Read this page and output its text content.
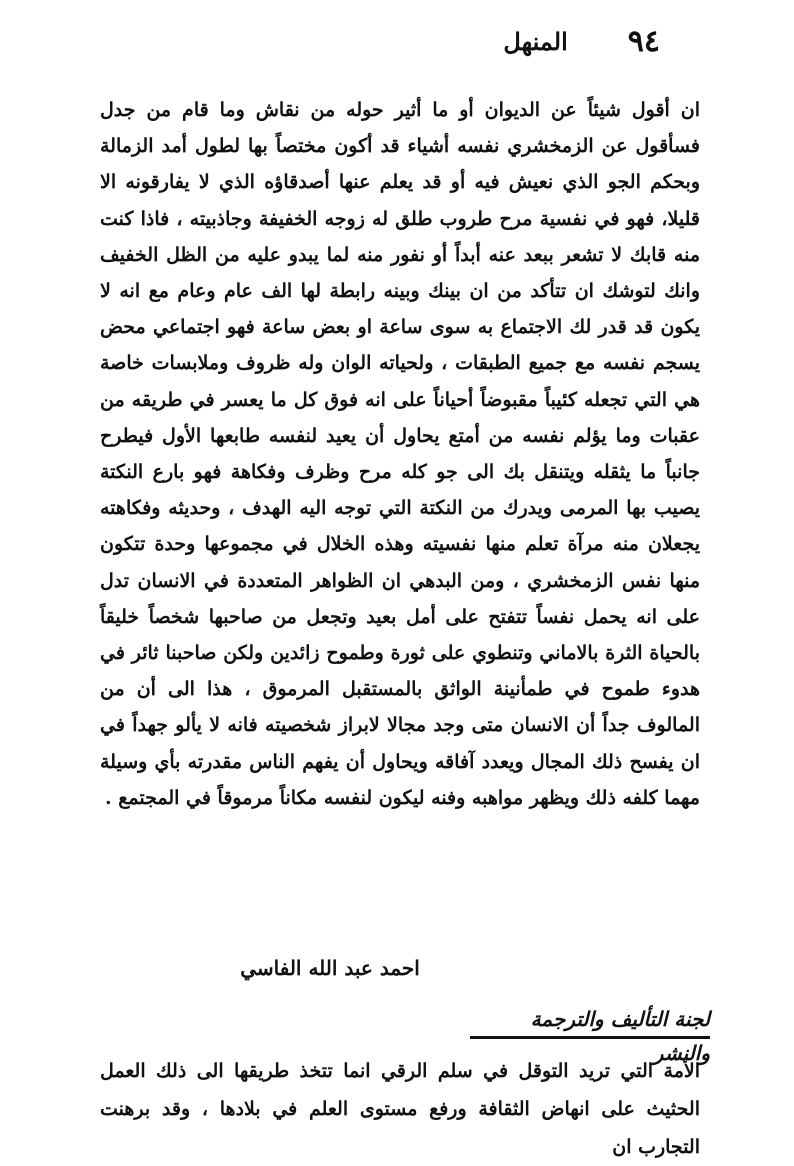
٩٤
المنهل

ان أقول شيئاً عن الديوان أو ما أثير حوله من نقاش وما قام من جدل فسأقول عن الزمخشري نفسه أشياء قد أكون مختصاً بها لطول أمد الزمالة وبحكم الجو الذي نعيش فيه أو قد يعلم عنها أصدقاؤه الذي لا يفارقونه الا قليلا، فهو في نفسية مرح طروب طلق له زوجه الخفيفة وجاذبيته ، فاذا كنت منه قابك لا تشعر ببعد عنه أبداً أو نفور منه لما يبدو عليه من الظل الخفيف وانك لتوشك ان تتأكد من ان بينك وبينه رابطة لها الف عام وعام مع انه لا يكون قد قدر لك الاجتماع به سوى ساعة او بعض ساعة فهو اجتماعي محض يسجم نفسه مع جميع الطبقات ، ولحياته الوان وله ظروف وملابسات خاصة هي التي تجعله كئيباً مقبوضاً أحياناً على انه فوق كل ما يعسر في طريقه من عقبات وما يؤلم نفسه من أمتع يحاول أن يعيد لنفسه طابعها الأول فيطرح جانباً ما يثقله ويتنقل بك الى جو كله مرح وظرف وفكاهة فهو بارع النكتة يصيب بها المرمى ويدرك من النكتة التي توجه اليه الهدف ، وحديثه وفكاهته يجعلان منه مرآة تعلم منها نفسيته وهذه الخلال في مجموعها وحدة تتكون منها نفس الزمخشري ، ومن البدهي ان الظواهر المتعددة في الانسان تدل على انه يحمل نفساً تتفتح على أمل بعيد وتجعل من صاحبها شخصاً خليقاً بالحياة الثرة بالاماني وتنطوي على ثورة وطموح زائدين ولكن صاحبنا ثائر في هدوء طموح في طمأنينة الواثق بالمستقبل المرموق ، هذا الى أن من المالوف جداً أن الانسان متى وجد مجالا لابراز شخصيته فانه لا يألو جهداً في ان يفسح ذلك المجال ويعدد آفاقه ويحاول أن يفهم الناس مقدرته بأي وسيلة مهما كلفه ذلك ويظهر مواهبه وفنه ليكون لنفسه مكاناً مرموقاً في المجتمع .

احمد عبد الله الفاسي
لجنة التأليف والترجمة والنشر

الأمة التي تريد التوقل في سلم الرقي انما تتخذ طريقها الى ذلك العمل الحثيث على انهاض الثقافة ورفع مستوى العلم في بلادها ، وقد برهنت التجارب ان
